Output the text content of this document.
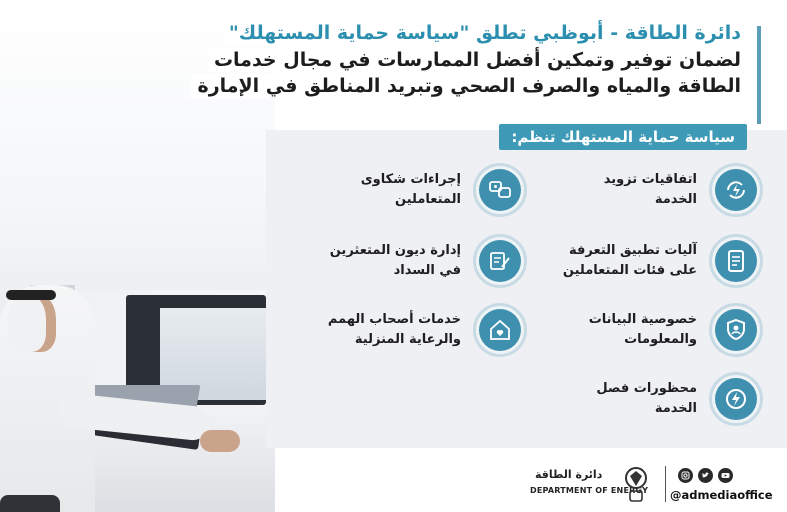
دائرة الطاقة - أبوظبي تطلق "سياسة حماية المستهلك"
لضمان توفير وتمكين أفضل الممارسات في مجال خدمات
الطاقة والمياه والصرف الصحي وتبريد المناطق في الإمارة
سياسة حماية المستهلك تنظم:
اتفاقيات تزويد
الخدمة
آليات تطبيق التعرفة
على فئات المتعاملين
خصوصية البيانات
والمعلومات
محظورات فصل
الخدمة
إجراءات شكاوى
المتعاملين
إدارة ديون المتعثرين
في السداد
خدمات أصحاب الهمم
والرعاية المنزلية
دائرة الطاقة
DEPARTMENT OF ENERGY @admediaoffice
